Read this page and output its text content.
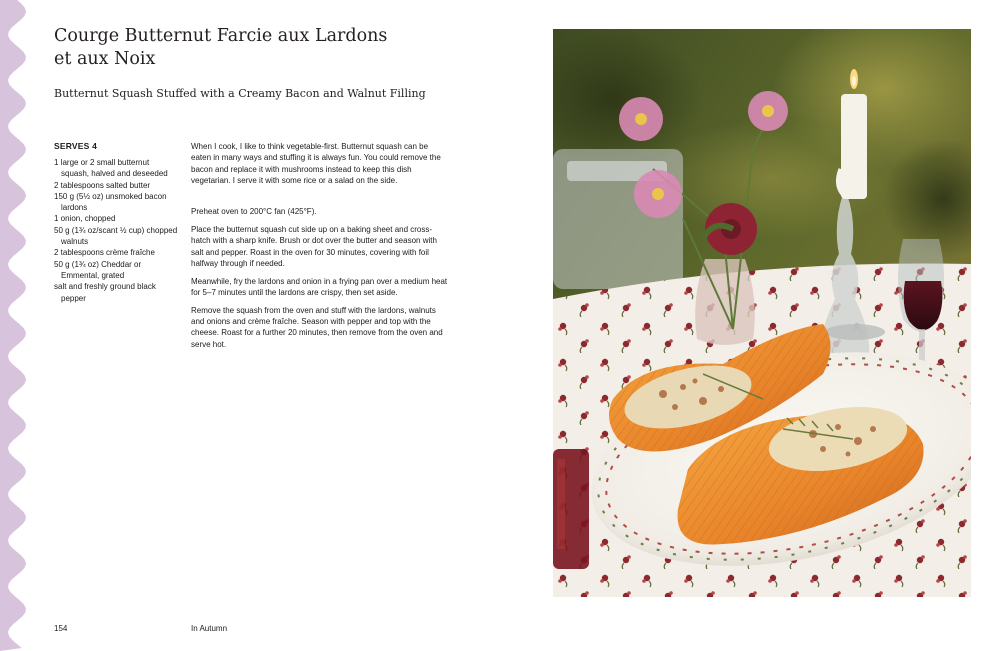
Courge Butternut Farcie aux Lardons
et aux Noix
Butternut Squash Stuffed with a Creamy Bacon and Walnut Filling
SERVES 4
1 large or 2 small butternut squash, halved and deseeded
2 tablespoons salted butter
150 g (5½ oz) unsmoked bacon lardons
1 onion, chopped
50 g (1¾ oz/scant ½ cup) chopped walnuts
2 tablespoons crème fraîche
50 g (1¾ oz) Cheddar or Emmental, grated
salt and freshly ground black pepper

When I cook, I like to think vegetable-first. Butternut squash can be eaten in many ways and stuffing it is always fun. You could remove the bacon and replace it with mushrooms instead to keep this dish vegetarian. I serve it with some rice or a salad on the side.

Preheat oven to 200°C fan (425°F).

Place the butternut squash cut side up on a baking sheet and cross-hatch with a sharp knife. Brush or dot over the butter and season with salt and pepper. Roast in the oven for 30 minutes, covering with foil halfway through if needed.

Meanwhile, fry the lardons and onion in a frying pan over a medium heat for 5–7 minutes until the lardons are crispy, then set aside.

Remove the squash from the oven and stuff with the lardons, walnuts and onions and crème fraîche. Season with pepper and top with the cheese. Roast for a further 20 minutes, then remove from the oven and serve hot.

154	In Autumn
